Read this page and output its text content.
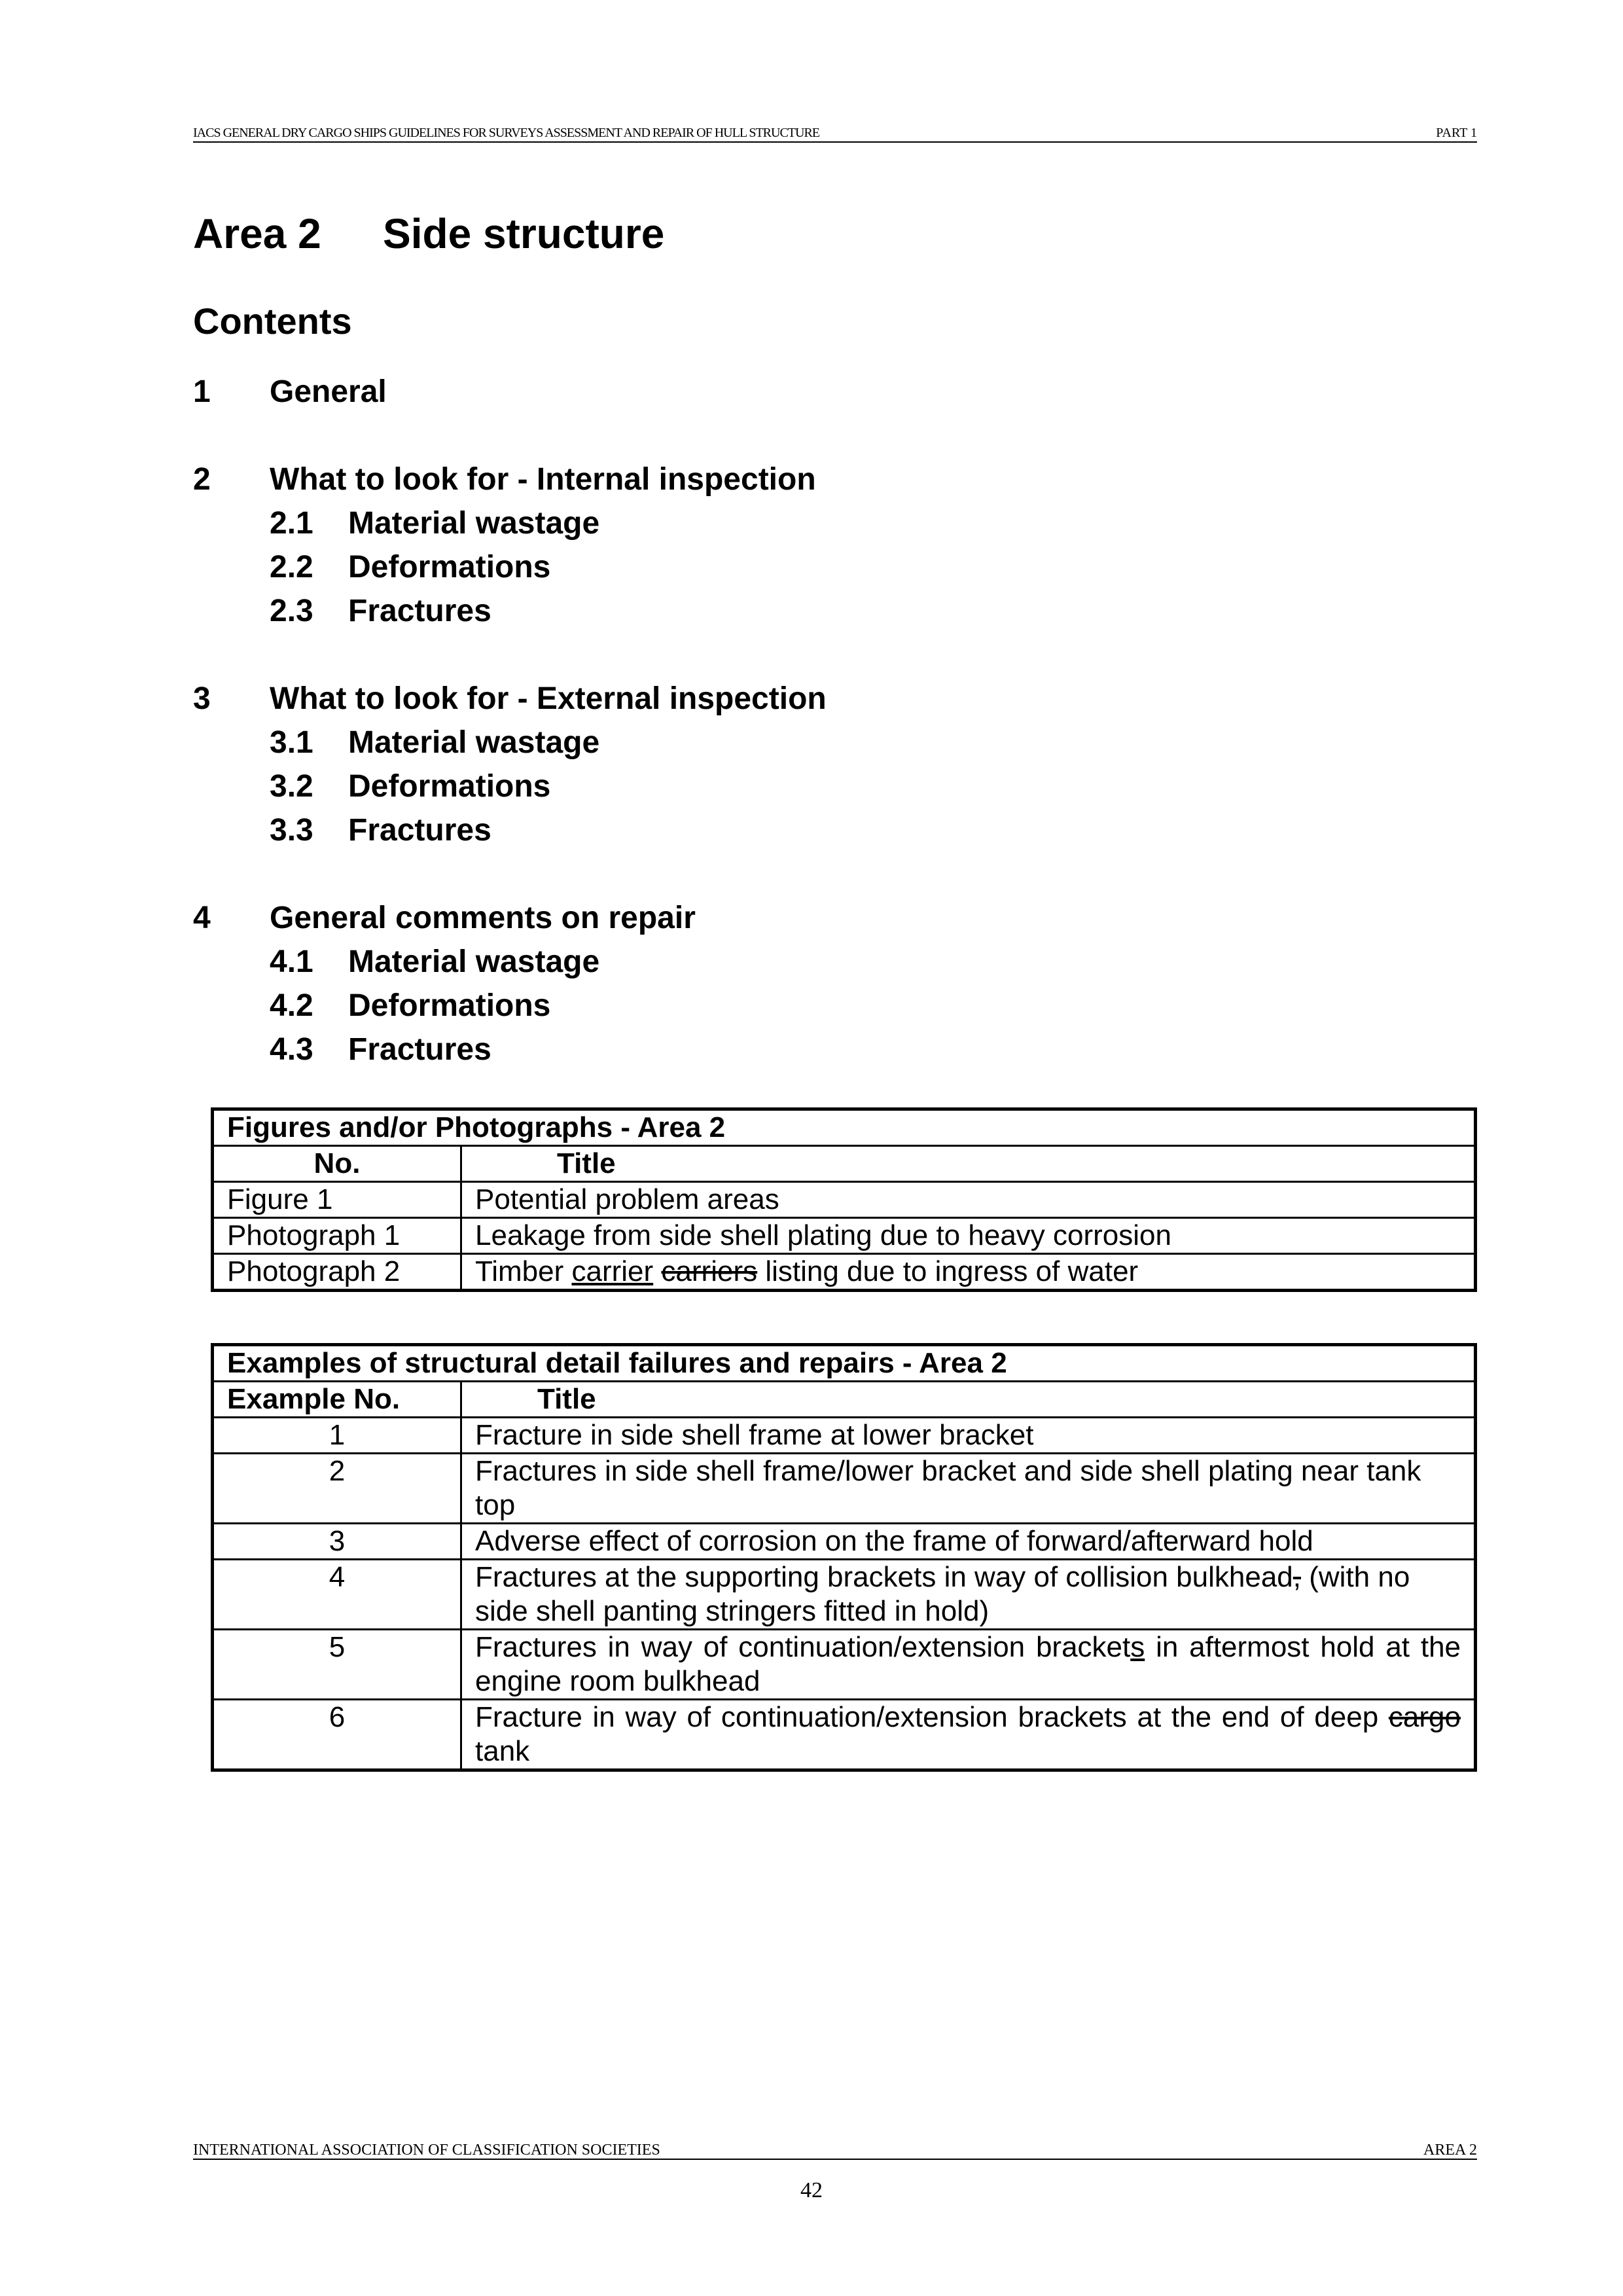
IACS GENERAL DRY CARGO SHIPS GUIDELINES FOR SURVEYS ASSESSMENT AND REPAIR OF HULL STRUCTURE	PART 1
Area 2 Side structure
Contents
1 General
2 What to look for - Internal inspection
2.1 Material wastage
2.2 Deformations
2.3 Fractures
3 What to look for - External inspection
3.1 Material wastage
3.2 Deformations
3.3 Fractures
4 General comments on repair
4.1 Material wastage
4.2 Deformations
4.3 Fractures
Figures and/or Photographs - Area 2	
No.	Title
Figure 1	Potential problem areas
Photograph 1	Leakage from side shell plating due to heavy corrosion
Photograph 2	Timber carrier carriers listing due to ingress of water
Examples of structural detail failures and repairs - Area 2	
Example No.	Title
1	Fracture in side shell frame at lower bracket
2	Fractures in side shell frame/lower bracket and side shell plating near tank top
3	Adverse effect of corrosion on the frame of forward/afterward hold
4	Fractures at the supporting brackets in way of collision bulkhead, (with no side shell panting stringers fitted in hold)
5	Fractures in way of continuation/extension brackets in aftermost hold at the engine room bulkhead
6	Fracture in way of continuation/extension brackets at the end of deep cargo tank
INTERNATIONAL ASSOCIATION OF CLASSIFICATION SOCIETIES	AREA 2
42
